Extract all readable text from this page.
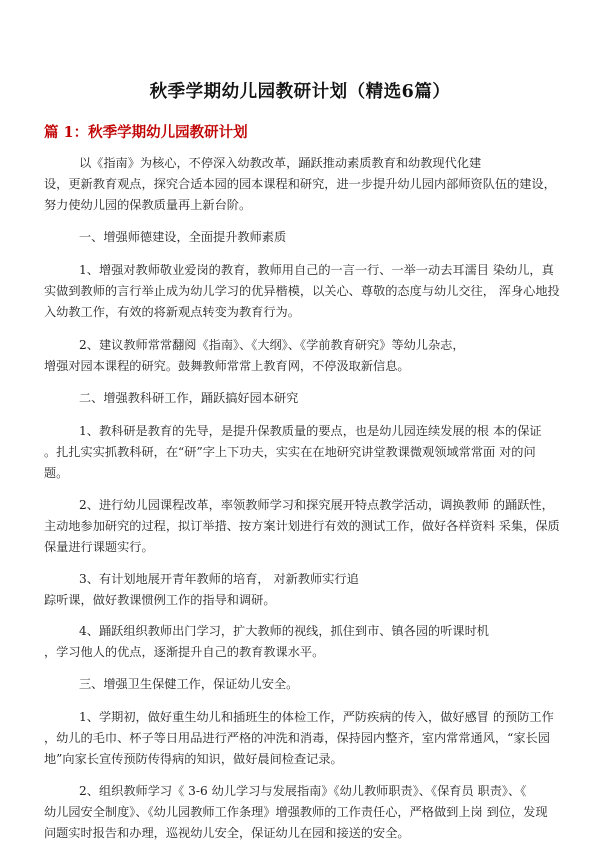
秋季学期幼儿园教研计划（精选6篇）
篇 1：秋季学期幼儿园教研计划
以《指南》为核心，不停深入幼教改革，踊跃推动素质教育和幼教现代化建
设，更新教育观点，探究合适本园的园本课程和研究，进一步提升幼儿园内部师资队伍的建设，
努力使幼儿园的保教质量再上新台阶。
一、增强师德建设，全面提升教师素质
1、增强对教师敬业爱岗的教育，教师用自己的一言一行、一举一动去耳濡目 染幼儿，真
实做到教师的言行举止成为幼儿学习的优异楷模，以关心、尊敬的态度与幼儿交往， 浑身心地投
入幼教工作，有效的将新观点转变为教育行为。
2、建议教师常常翻阅《指南》、《大纲》、《学前教育研究》等幼儿杂志，
增强对园本课程的研究。鼓舞教师常常上教育网，不停汲取新信息。
二、增强教科研工作，踊跃搞好园本研究
1、教科研是教育的先导，是提升保教质量的要点，也是幼儿园连续发展的根 本的保证
。扎扎实实抓教科研，在“研”字上下功夫，实实在在地研究讲堂教课微观领域常常面 对的问
题。
2、进行幼儿园课程改革，率领教师学习和探究展开特点教学活动，调换教师 的踊跃性，
主动地参加研究的过程，拟订举措、按方案计划进行有效的测试工作，做好各样资料 采集，保质
保量进行课题实行。
3、有计划地展开青年教师的培育， 对新教师实行追
踪听课，做好教课惯例工作的指导和调研。
4、踊跃组织教师出门学习，扩大教师的视线，抓住到市、镇各园的听课时机
，学习他人的优点，逐渐提升自己的教育教课水平。
三、增强卫生保健工作，保证幼儿安全。
1、学期初，做好重生幼儿和插班生的体检工作，严防疾病的传入，做好感冒 的预防工作
，幼儿的毛巾、杯子等日用品进行严格的冲洗和消毒，保持园内整齐，室内常常通风，“家长园
地”向家长宣传预防传得病的知识，做好晨间检查记录。
2、组织教师学习《 3-6 幼儿学习与发展指南》《幼儿教师职责》、《保育员 职责》、《
幼儿园安全制度》、《幼儿园教师工作条理》增强教师的工作责任心，严格做到上岗 到位，发现
问题实时报告和办理，巡视幼儿安全，保证幼儿在园和接送的安全。
